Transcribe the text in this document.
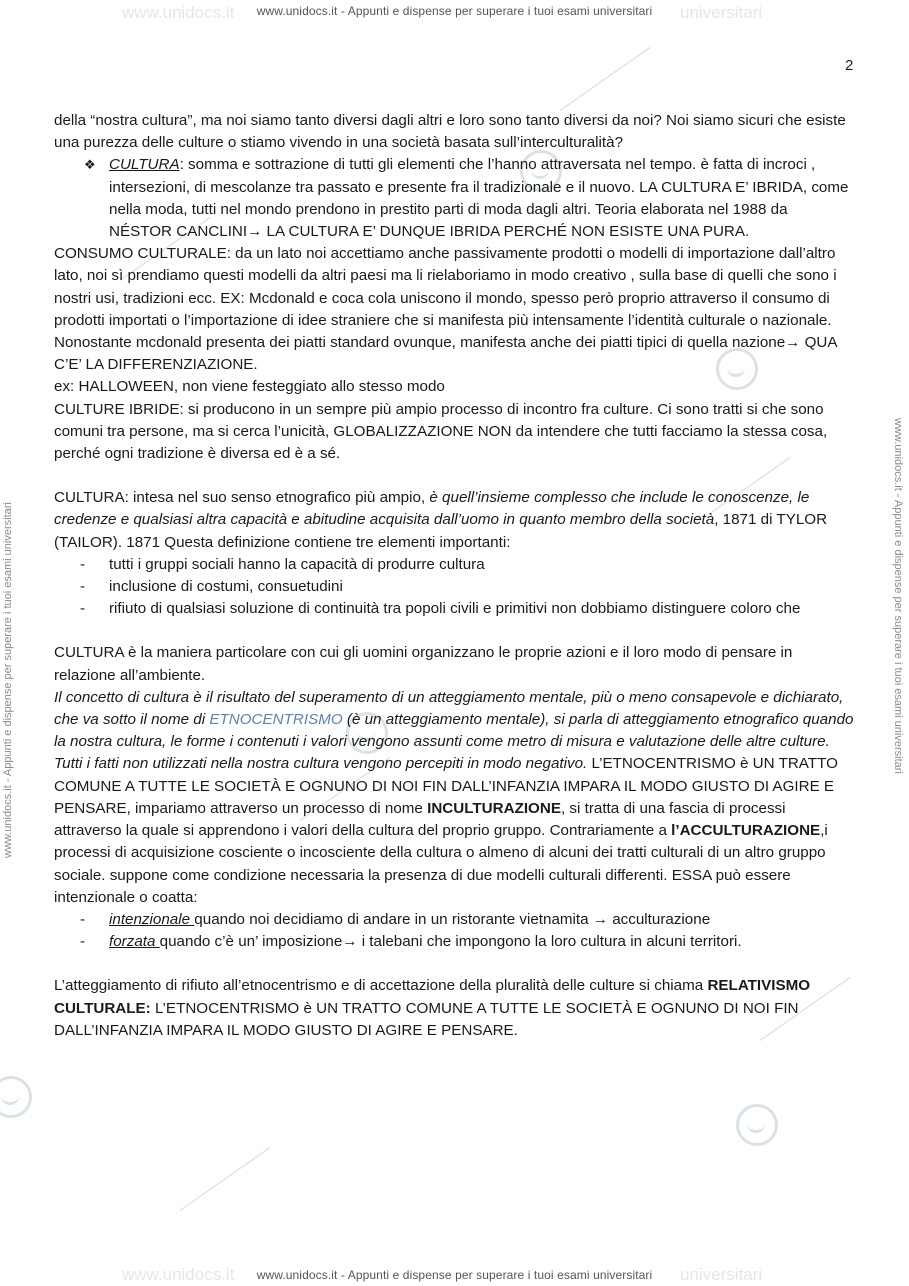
www.unidocs.it	universitari
www.unidocs.it	universitari
www.unidocs.it - Appunti e dispense per superare i tuoi esami universitari
www.unidocs.it - Appunti e dispense per superare i tuoi esami universitari
www.unidocs.it - Appunti e dispense per superare i tuoi esami universitari	www.unidocs.it - Appunti e dispense per superare i tuoi esami universitari
2

della “nostra cultura”, ma noi siamo tanto diversi dagli altri e loro sono tanto diversi da noi? Noi siamo sicuri che esiste una purezza delle culture o stiamo vivendo in una società basata sull’interculturalità?

❖ CULTURA: somma e sottrazione di tutti gli elementi che l’hanno attraversata nel tempo. è fatta di incroci , intersezioni, di mescolanze tra passato e presente fra il tradizionale e il nuovo. LA CULTURA E’ IBRIDA, come nella moda, tutti nel mondo prendono in prestito parti di moda dagli altri. Teoria elaborata nel 1988 da NÉSTOR CANCLINI→ LA CULTURA E’ DUNQUE IBRIDA PERCHÉ NON ESISTE UNA PURA.

CONSUMO CULTURALE: da un lato noi accettiamo anche passivamente prodotti o modelli di importazione dall’altro lato, noi sì prendiamo questi modelli da altri paesi ma li rielaboriamo in modo creativo , sulla base di quelli che sono i nostri usi, tradizioni ecc. EX: Mcdonald e coca cola uniscono il mondo, spesso però proprio attraverso il consumo di prodotti importati o l’importazione di idee straniere che si manifesta più intensamente l’identità culturale o nazionale. Nonostante mcdonald presenta dei piatti standard ovunque, manifesta anche dei piatti tipici di quella nazione→ QUA C’E’ LA DIFFERENZIAZIONE.

ex: HALLOWEEN, non viene festeggiato allo stesso modo

CULTURE IBRIDE: si producono in un sempre più ampio processo di incontro fra culture. Ci sono tratti si che sono comuni tra persone, ma si cerca l’unicità, GLOBALIZZAZIONE NON da intendere che tutti facciamo la stessa cosa, perché ogni tradizione è diversa ed è a sé.

CULTURA: intesa nel suo senso etnografico più ampio, è quell’insieme complesso che include le conoscenze, le credenze e qualsiasi altra capacità e abitudine acquisita dall’uomo in quanto membro della società, 1871 di TYLOR (TAILOR). 1871 Questa definizione contiene tre elementi importanti:

- tutti i gruppi sociali hanno la capacità di produrre cultura
- inclusione di costumi, consuetudini
- rifiuto di qualsiasi soluzione di continuità tra popoli civili e primitivi non dobbiamo distinguere coloro che

CULTURA è la maniera particolare con cui gli uomini organizzano le proprie azioni e il loro modo di pensare in relazione all’ambiente.

Il concetto di cultura è il risultato del superamento di un atteggiamento mentale, più o meno consapevole e dichiarato, che va sotto il nome di ETNOCENTRISMO (è un atteggiamento mentale), si parla di atteggiamento etnografico quando la nostra cultura, le forme i contenuti i valori vengono assunti come metro di misura e valutazione delle altre culture. Tutti i fatti non utilizzati nella nostra cultura vengono percepiti in modo negativo. L’ETNOCENTRISMO è UN TRATTO COMUNE A TUTTE LE SOCIETÀ E OGNUNO DI NOI FIN DALL’INFANZIA IMPARA IL MODO GIUSTO DI AGIRE E PENSARE, impariamo attraverso un processo di nome INCULTURAZIONE, si tratta di una fascia di processi attraverso la quale si apprendono i valori della cultura del proprio gruppo. Contrariamente a l’ACCULTURAZIONE,i processi di acquisizione cosciente o incosciente della cultura o almeno di alcuni dei tratti culturali di un altro gruppo sociale. suppone come condizione necessaria la presenza di due modelli culturali differenti. ESSA può essere intenzionale o coatta:

- intenzionale quando noi decidiamo di andare in un ristorante vietnamita → acculturazione
- forzata quando c’è un’ imposizione→ i talebani che impongono la loro cultura in alcuni territori.

L’atteggiamento di rifiuto all’etnocentrismo e di accettazione della pluralità delle culture si chiama RELATIVISMO CULTURALE: L’ETNOCENTRISMO è UN TRATTO COMUNE A TUTTE LE SOCIETÀ E OGNUNO DI NOI FIN DALL’INFANZIA IMPARA IL MODO GIUSTO DI AGIRE E PENSARE.
